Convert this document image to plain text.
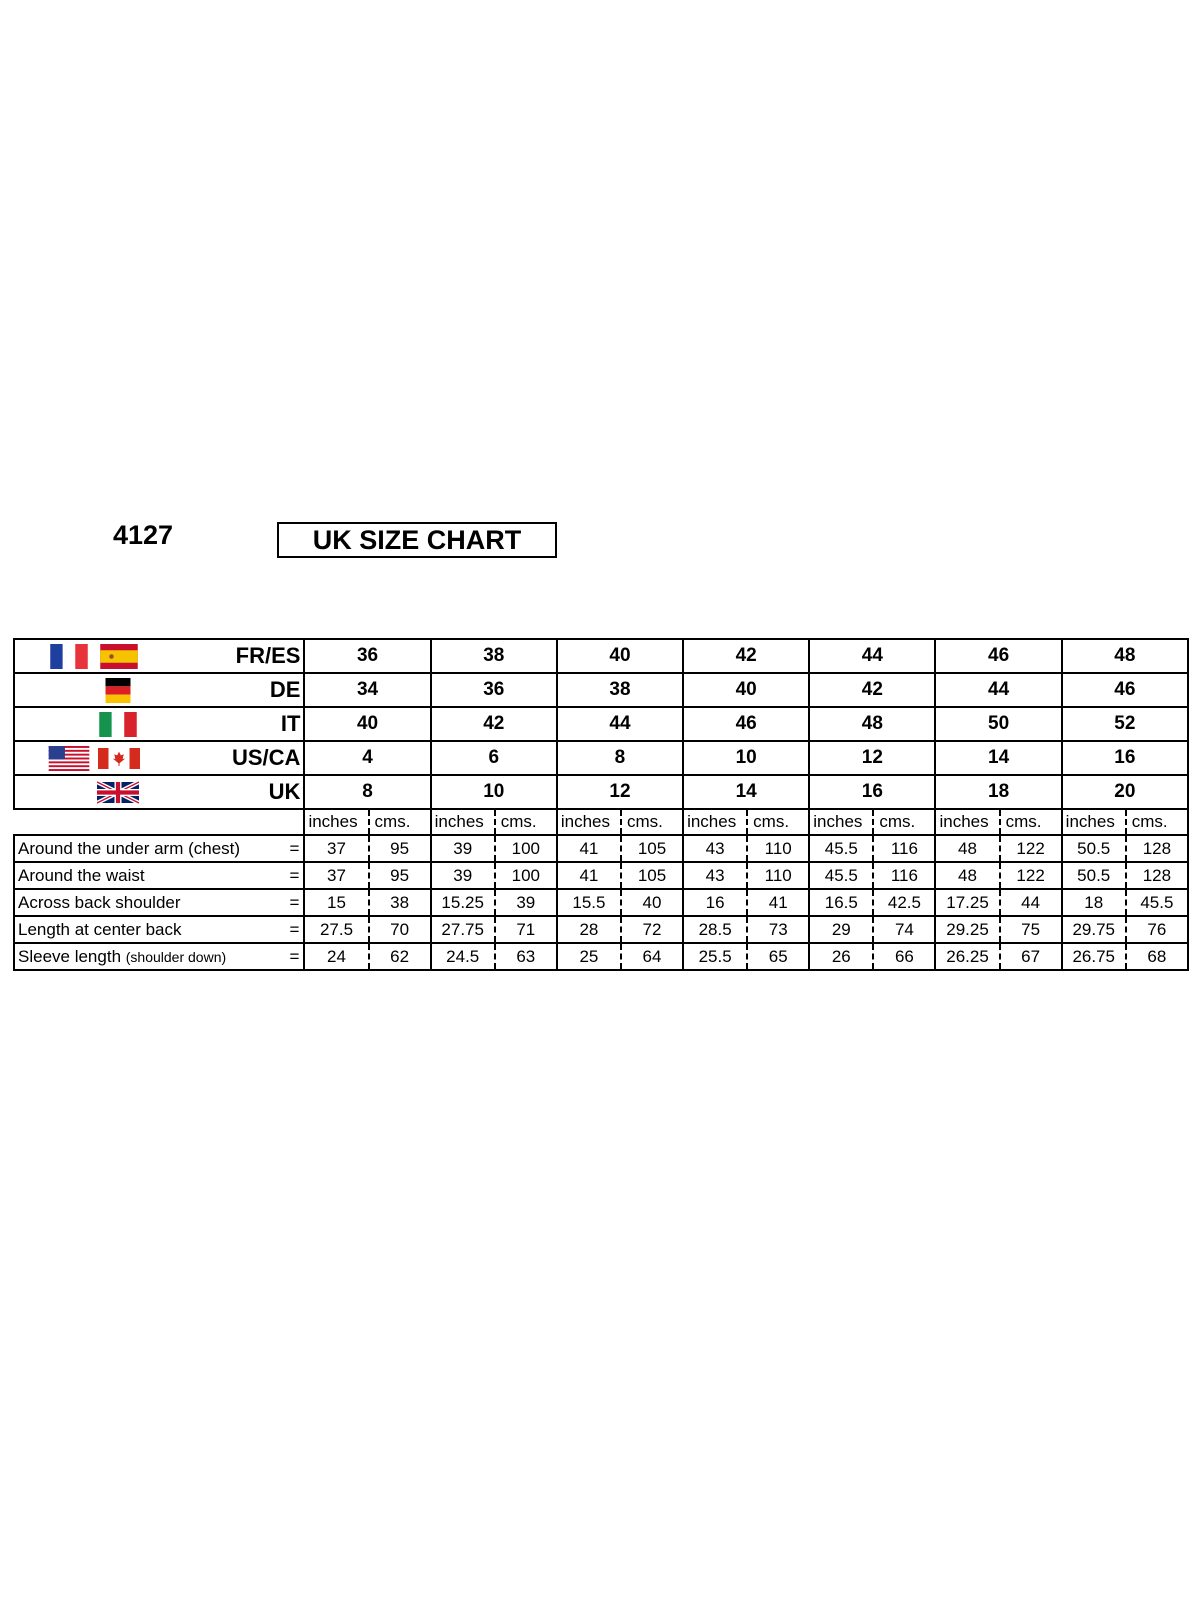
4127	UK SIZE CHART
FR/ES	36		38		40		42		44		46		48	

DE	34		36		38		40		42		44		46	

IT	40		42		44		46		48		50		52	

US/CA	4		6		8		10		12		14		16	

UK	8		10		12		14		16		18		20	
	inches	cms.	inches	cms.	inches	cms.	inches	cms.	inches	cms.	inches	cms.	inches	cms.
Around the under arm (chest) =	37	95	39	100	41	105	43	110	45.5	116	48	122	50.5	128
Around the waist =	37	95	39	100	41	105	43	110	45.5	116	48	122	50.5	128
Across back shoulder =	15	38	15.25	39	15.5	40	16	41	16.5	42.5	17.25	44	18	45.5
Length at center back =	27.5	70	27.75	71	28	72	28.5	73	29	74	29.25	75	29.75	76
Sleeve length (shoulder down) =	24	62	24.5	63	25	64	25.5	65	26	66	26.25	67	26.75	68
